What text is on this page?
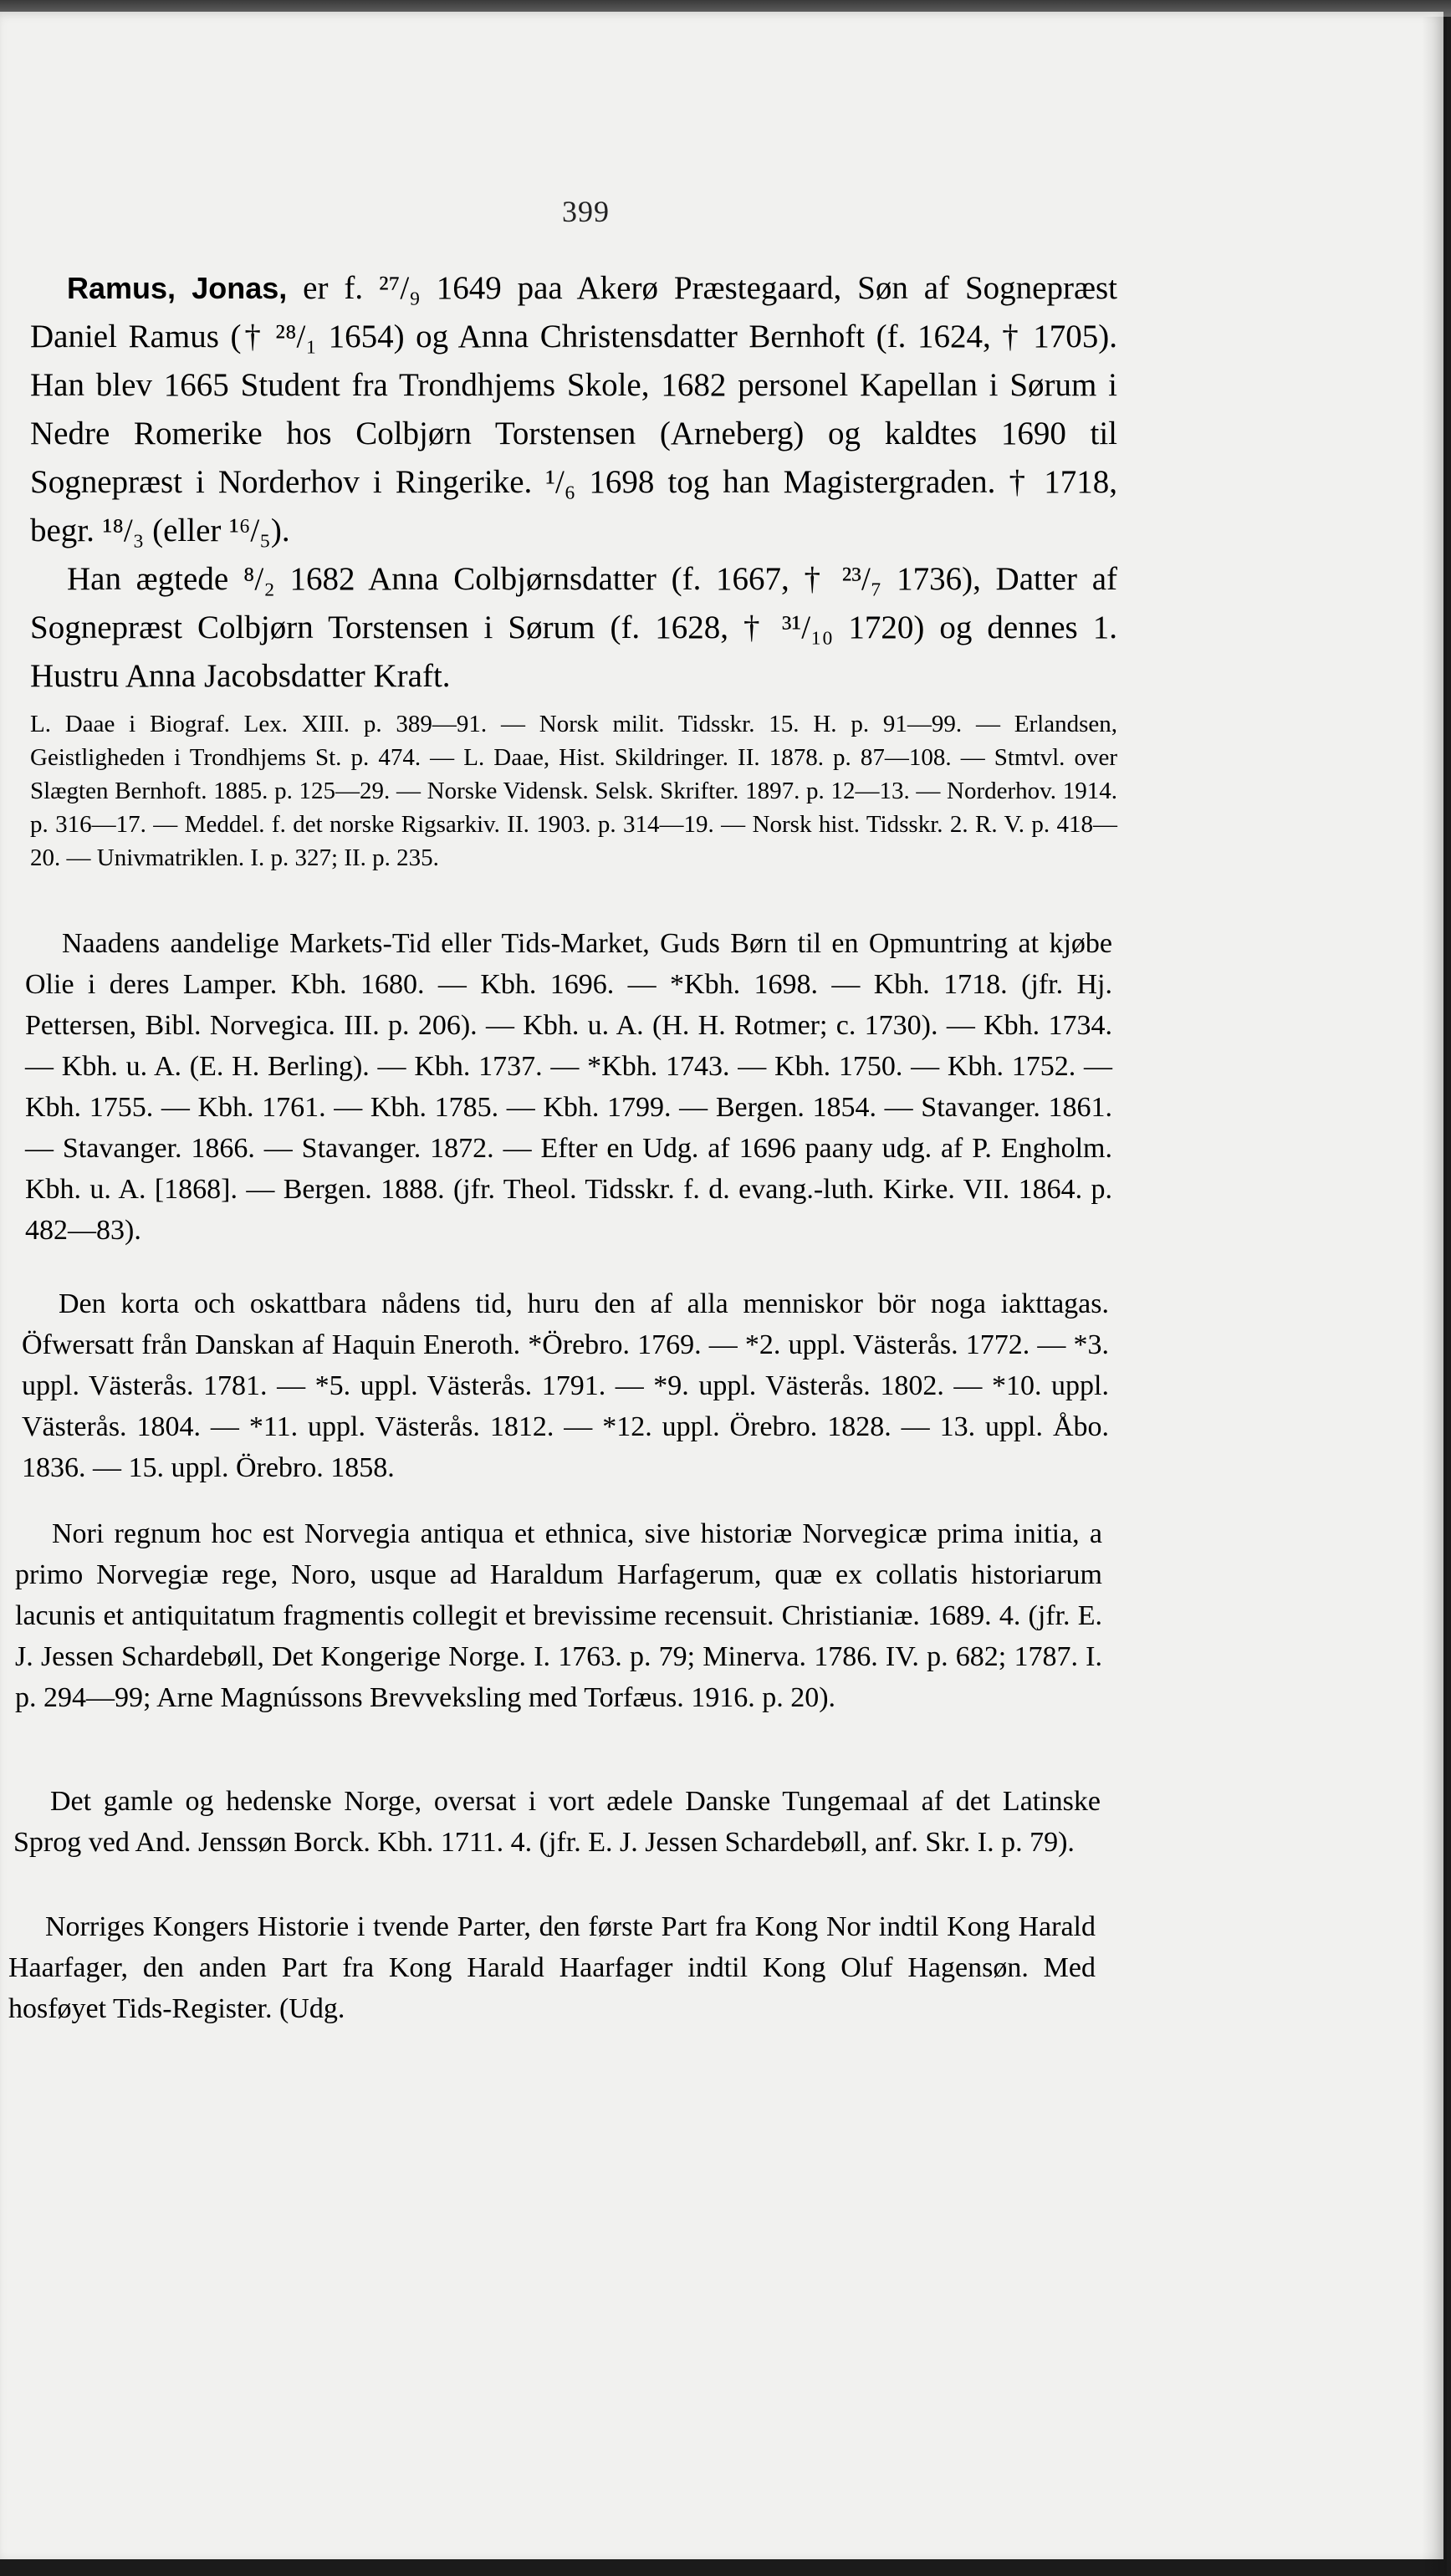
399

Ramus, Jonas, er f. ²⁷/₉ 1649 paa Akerø Præstegaard, Søn af Sognepræst Daniel Ramus († ²⁸/₁ 1654) og Anna Christensdatter Bernhoft (f. 1624, † 1705). Han blev 1665 Student fra Trondhjems Skole, 1682 personel Kapellan i Sørum i Nedre Romerike hos Colbjørn Torstensen (Arneberg) og kaldtes 1690 til Sognepræst i Norderhov i Ringerike. ¹/₆ 1698 tog han Magistergraden. † 1718, begr. ¹⁸/₃ (eller ¹⁶/₅).

Han ægtede ⁸/₂ 1682 Anna Colbjørnsdatter (f. 1667, † ²³/₇ 1736), Datter af Sognepræst Colbjørn Torstensen i Sørum (f. 1628, † ³¹/₁₀ 1720) og dennes 1. Hustru Anna Jacobsdatter Kraft.

L. Daae i Biograf. Lex. XIII. p. 389—91. — Norsk milit. Tidsskr. 15. H. p. 91—99. — Erlandsen, Geistligheden i Trondhjems St. p. 474. — L. Daae, Hist. Skildringer. II. 1878. p. 87—108. — Stmtvl. over Slægten Bernhoft. 1885. p. 125—29. — Norske Vidensk. Selsk. Skrifter. 1897. p. 12—13. — Norderhov. 1914. p. 316—17. — Meddel. f. det norske Rigsarkiv. II. 1903. p. 314—19. — Norsk hist. Tidsskr. 2. R. V. p. 418—20. — Univmatriklen. I. p. 327; II. p. 235.

Naadens aandelige Markets-Tid eller Tids-Market, Guds Børn til en Opmuntring at kjøbe Olie i deres Lamper. Kbh. 1680. — Kbh. 1696. — *Kbh. 1698. — Kbh. 1718. (jfr. Hj. Pettersen, Bibl. Norvegica. III. p. 206). — Kbh. u. A. (H. H. Rotmer; c. 1730). — Kbh. 1734. — Kbh. u. A. (E. H. Berling). — Kbh. 1737. — *Kbh. 1743. — Kbh. 1750. — Kbh. 1752. — Kbh. 1755. — Kbh. 1761. — Kbh. 1785. — Kbh. 1799. — Bergen. 1854. — Stavanger. 1861. — Stavanger. 1866. — Stavanger. 1872. — Efter en Udg. af 1696 paany udg. af P. Engholm. Kbh. u. A. [1868]. — Bergen. 1888. (jfr. Theol. Tidsskr. f. d. evang.-luth. Kirke. VII. 1864. p. 482—83).

Den korta och oskattbara nådens tid, huru den af alla menniskor bör noga iakttagas. Öfwersatt från Danskan af Haquin Eneroth. *Örebro. 1769. — *2. uppl. Västerås. 1772. — *3. uppl. Västerås. 1781. — *5. uppl. Västerås. 1791. — *9. uppl. Västerås. 1802. — *10. uppl. Västerås. 1804. — *11. uppl. Västerås. 1812. — *12. uppl. Örebro. 1828. — 13. uppl. Åbo. 1836. — 15. uppl. Örebro. 1858.

Nori regnum hoc est Norvegia antiqua et ethnica, sive historiæ Norvegicæ prima initia, a primo Norvegiæ rege, Noro, usque ad Haraldum Harfagerum, quæ ex collatis historiarum lacunis et antiquitatum fragmentis collegit et brevissime recensuit. Christianiæ. 1689. 4. (jfr. E. J. Jessen Schardebøll, Det Kongerige Norge. I. 1763. p. 79; Minerva. 1786. IV. p. 682; 1787. I. p. 294—99; Arne Magnússons Brevveksling med Torfæus. 1916. p. 20).

Det gamle og hedenske Norge, oversat i vort ædele Danske Tungemaal af det Latinske Sprog ved And. Jenssøn Borck. Kbh. 1711. 4. (jfr. E. J. Jessen Schardebøll, anf. Skr. I. p. 79).

Norriges Kongers Historie i tvende Parter, den første Part fra Kong Nor indtil Kong Harald Haarfager, den anden Part fra Kong Harald Haarfager indtil Kong Oluf Hagensøn. Med hosføyet Tids-Register. (Udg.
